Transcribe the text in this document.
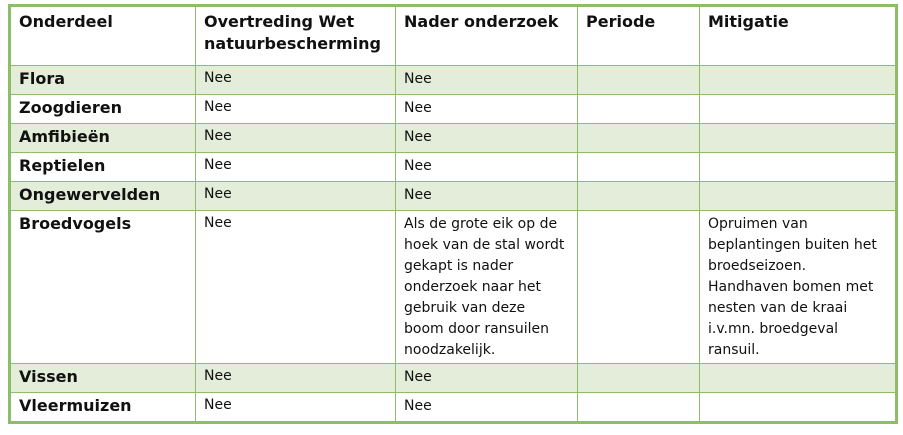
Onderdeel	Overtreding Wet natuurbescherming	Nader onderzoek	Periode	Mitigatie
Flora	Nee	Nee		
Zoogdieren	Nee	Nee		
Amfibieën	Nee	Nee		
Reptielen	Nee	Nee		
Ongewervelden	Nee	Nee		
Broedvogels	Nee	Als de grote eik op de hoek van de stal wordt gekapt is nader onderzoek naar het gebruik van deze boom door ransuilen noodzakelijk.		Opruimen van beplantingen buiten het broedseizoen. Handhaven bomen met nesten van de kraai i.v.mn. broedgeval ransuil.
Vissen	Nee	Nee		
Vleermuizen	Nee	Nee		
